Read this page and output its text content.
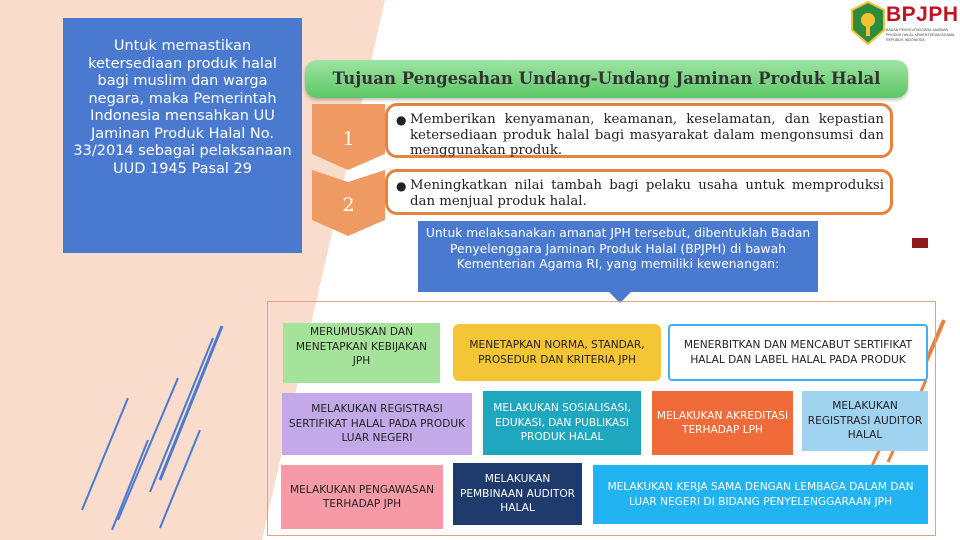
Untuk memastikan ketersediaan produk halal bagi muslim dan warga negara, maka Pemerintah Indonesia mensahkan UU Jaminan Produk Halal No. 33/2014 sebagai pelaksanaan UUD 1945 Pasal 29
BPJPH
BADAN PENYELENGGARA JAMINAN PRODUK HALAL KEMENTERIAN AGAMA REPUBLIK INDONESIA
Tujuan Pengesahan Undang-Undang Jaminan Produk Halal
1
2
● Memberikan kenyamanan, keamanan, keselamatan, dan kepastian ketersediaan produk halal bagi masyarakat dalam mengonsumsi dan menggunakan produk.
● Meningkatkan nilai tambah bagi pelaku usaha untuk memproduksi dan menjual produk halal.
Untuk melaksanakan amanat JPH tersebut, dibentuklah Badan Penyelenggara Jaminan Produk Halal (BPJPH) di bawah Kementerian Agama RI, yang memiliki kewenangan:
MERUMUSKAN DAN MENETAPKAN KEBIJAKAN JPH
MENETAPKAN NORMA, STANDAR, PROSEDUR DAN KRITERIA JPH
MENERBITKAN DAN MENCABUT SERTIFIKAT HALAL DAN LABEL HALAL PADA PRODUK
MELAKUKAN REGISTRASI SERTIFIKAT HALAL PADA PRODUK LUAR NEGERI
MELAKUKAN SOSIALISASI, EDUKASI, DAN PUBLIKASI PRODUK HALAL
MELAKUKAN AKREDITASI TERHADAP LPH
MELAKUKAN REGISTRASI AUDITOR HALAL
MELAKUKAN PENGAWASAN TERHADAP JPH
MELAKUKAN PEMBINAAN AUDITOR HALAL
MELAKUKAN KERJA SAMA DENGAN LEMBAGA DALAM DAN LUAR NEGERI DI BIDANG PENYELENGGARAAN JPH
